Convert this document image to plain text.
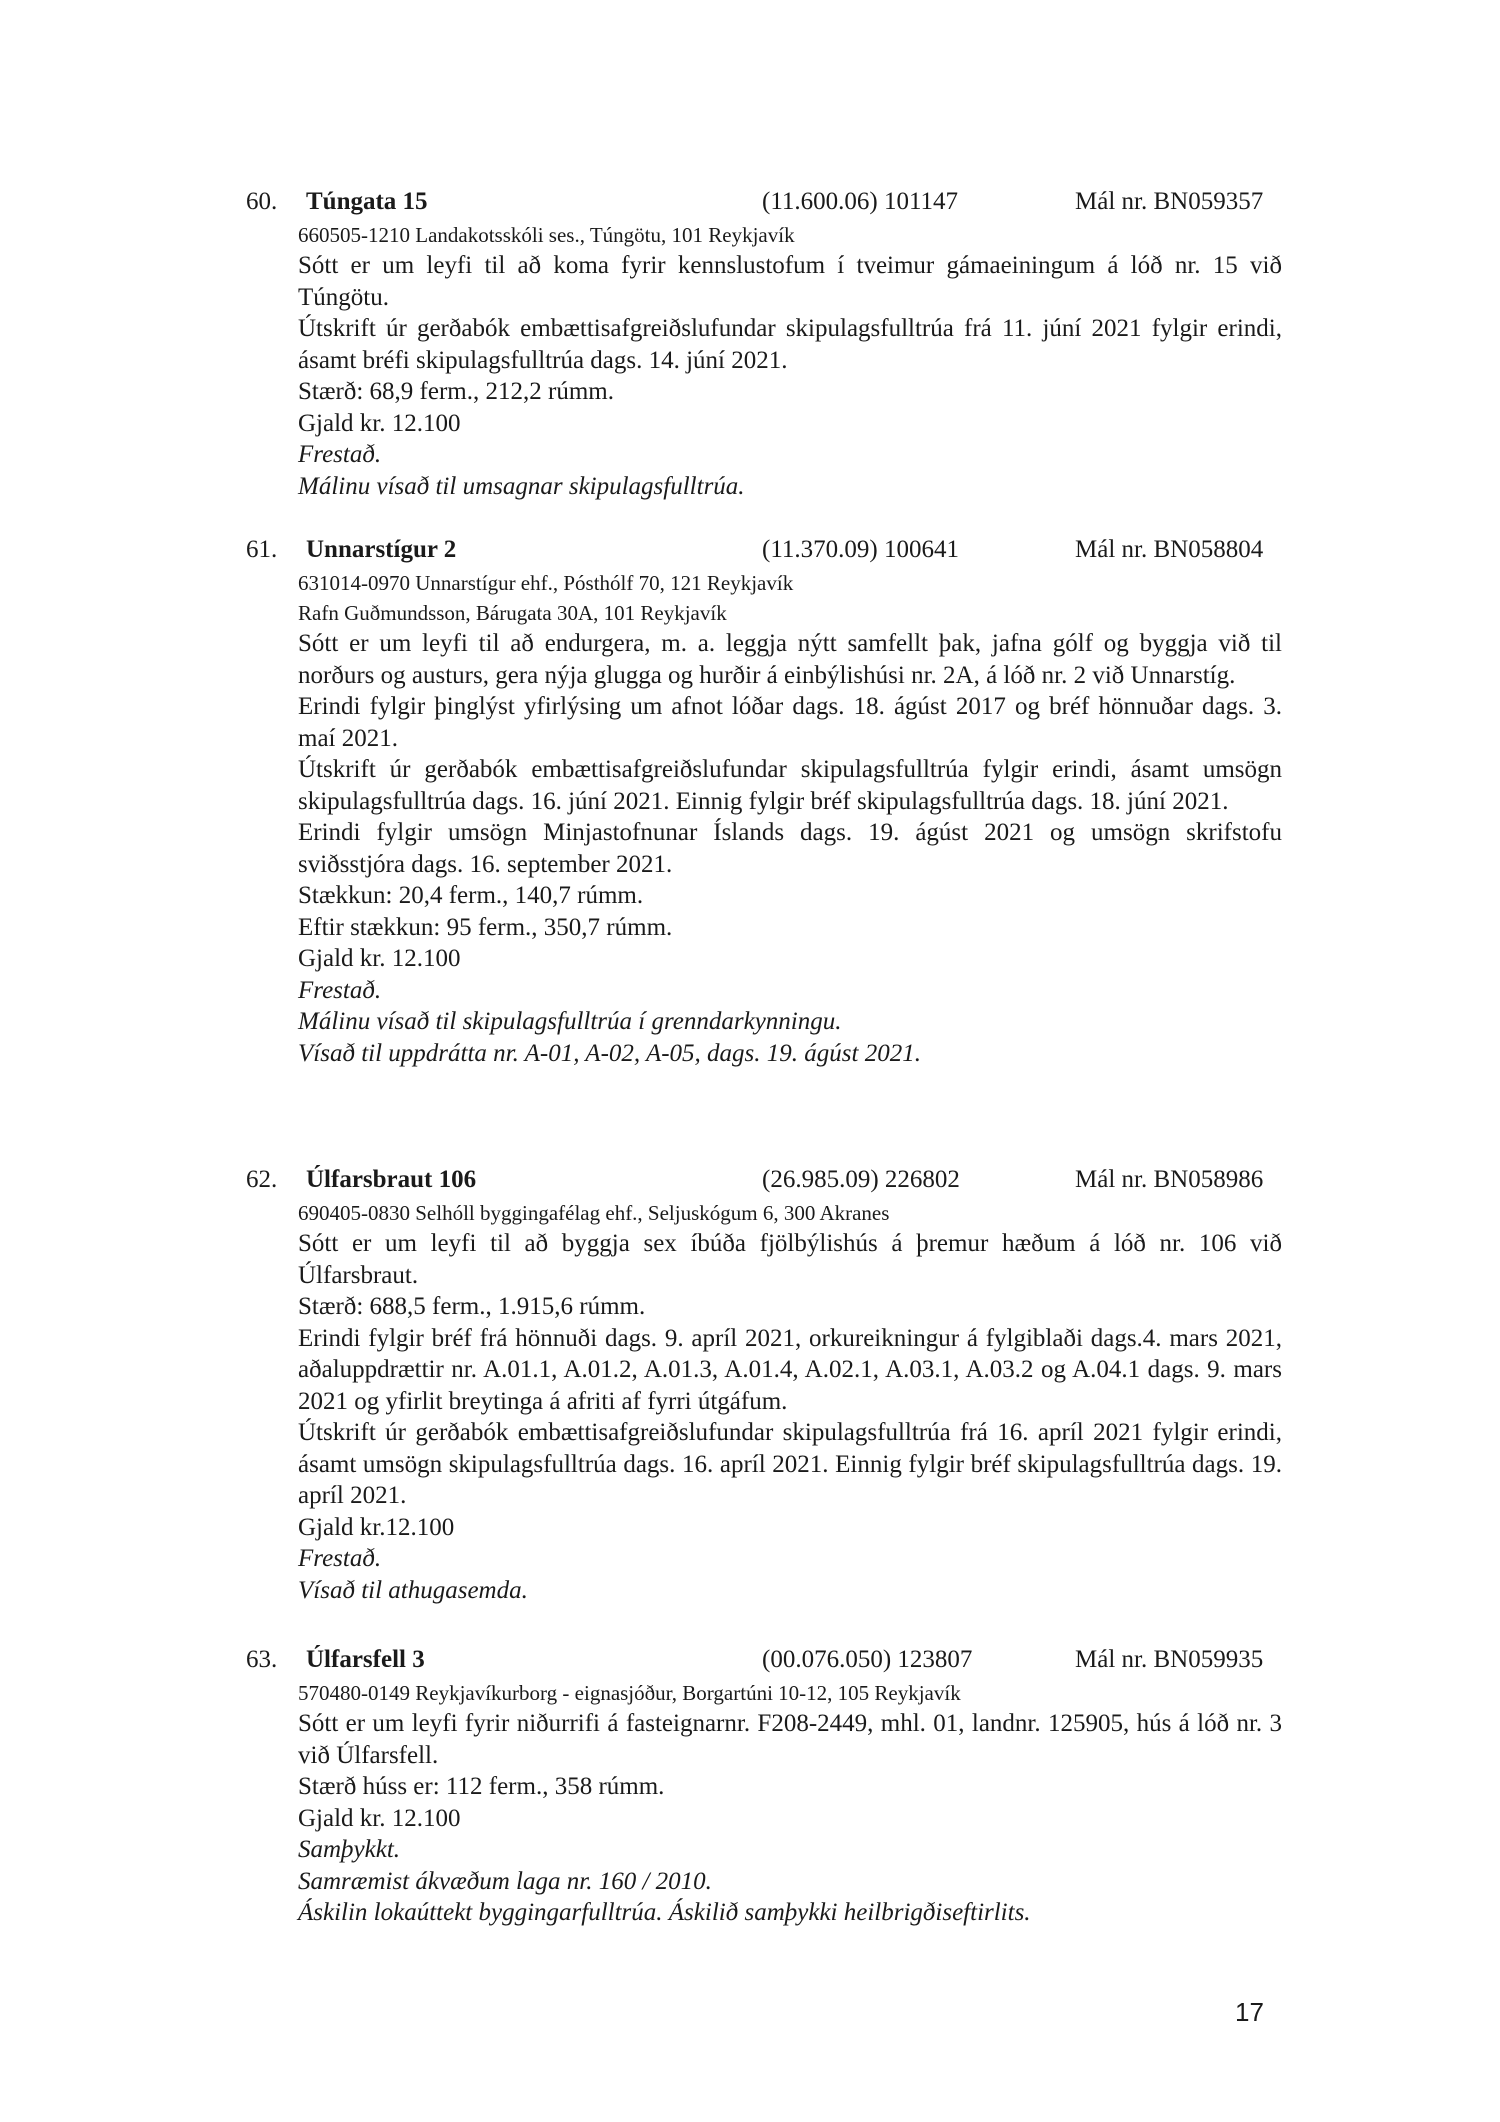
60. Túngata 15	(11.600.06) 101147	Mál nr. BN059357
660505-1210 Landakotsskóli ses., Túngötu, 101 Reykjavík

Sótt er um leyfi til að koma fyrir kennslustofum í tveimur gámaeiningum á lóð nr. 15 við Túngötu.

Útskrift úr gerðabók embættisafgreiðslufundar skipulagsfulltrúa frá 11. júní 2021 fylgir erindi, ásamt bréfi skipulagsfulltrúa dags. 14. júní 2021.

Stærð: 68,9 ferm., 212,2 rúmm.

Gjald kr. 12.100

Frestað.

Málinu vísað til umsagnar skipulagsfulltrúa.

61. Unnarstígur 2	(11.370.09) 100641	Mál nr. BN058804
631014-0970 Unnarstígur ehf., Pósthólf 70, 121 Reykjavík
Rafn Guðmundsson, Bárugata 30A, 101 Reykjavík

Sótt er um leyfi til að endurgera, m. a. leggja nýtt samfellt þak, jafna gólf og byggja við til norðurs og austurs, gera nýja glugga og hurðir á einbýlishúsi nr. 2A, á lóð nr. 2 við Unnarstíg.

Erindi fylgir þinglýst yfirlýsing um afnot lóðar dags. 18. ágúst 2017 og bréf hönnuðar dags. 3. maí 2021.

Útskrift úr gerðabók embættisafgreiðslufundar skipulagsfulltrúa fylgir erindi, ásamt umsögn skipulagsfulltrúa dags. 16. júní 2021. Einnig fylgir bréf skipulagsfulltrúa dags. 18. júní 2021.

Erindi fylgir umsögn Minjastofnunar Íslands dags. 19. ágúst 2021 og umsögn skrifstofu sviðsstjóra dags. 16. september 2021.

Stækkun: 20,4 ferm., 140,7 rúmm.

Eftir stækkun: 95 ferm., 350,7 rúmm.

Gjald kr. 12.100

Frestað.

Málinu vísað til skipulagsfulltrúa í grenndarkynningu.

Vísað til uppdrátta nr. A-01, A-02, A-05, dags. 19. ágúst 2021.

62. Úlfarsbraut 106	(26.985.09) 226802	Mál nr. BN058986
690405-0830 Selhóll byggingafélag ehf., Seljuskógum 6, 300 Akranes

Sótt er um leyfi til að byggja sex íbúða fjölbýlishús á þremur hæðum á lóð nr. 106 við Úlfarsbraut.

Stærð: 688,5 ferm., 1.915,6 rúmm.

Erindi fylgir bréf frá hönnuði dags. 9. apríl 2021, orkureikningur á fylgiblaði dags.4. mars 2021, aðaluppdrættir nr. A.01.1, A.01.2, A.01.3, A.01.4, A.02.1, A.03.1, A.03.2 og A.04.1 dags. 9. mars 2021 og yfirlit breytinga á afriti af fyrri útgáfum.

Útskrift úr gerðabók embættisafgreiðslufundar skipulagsfulltrúa frá 16. apríl 2021 fylgir erindi, ásamt umsögn skipulagsfulltrúa dags. 16. apríl 2021. Einnig fylgir bréf skipulagsfulltrúa dags. 19. apríl 2021.

Gjald kr.12.100

Frestað.

Vísað til athugasemda.

63. Úlfarsfell 3	(00.076.050) 123807	Mál nr. BN059935
570480-0149 Reykjavíkurborg - eignasjóður, Borgartúni 10-12, 105 Reykjavík

Sótt er um leyfi fyrir niðurrifi á fasteignarnr. F208-2449, mhl. 01, landnr. 125905, hús á lóð nr. 3 við Úlfarsfell.

Stærð húss er: 112 ferm., 358 rúmm.

Gjald kr. 12.100

Samþykkt.

Samræmist ákvæðum laga nr. 160 / 2010.

Áskilin lokaúttekt byggingarfulltrúa. Áskilið samþykki heilbrigðiseftirlits.

17
